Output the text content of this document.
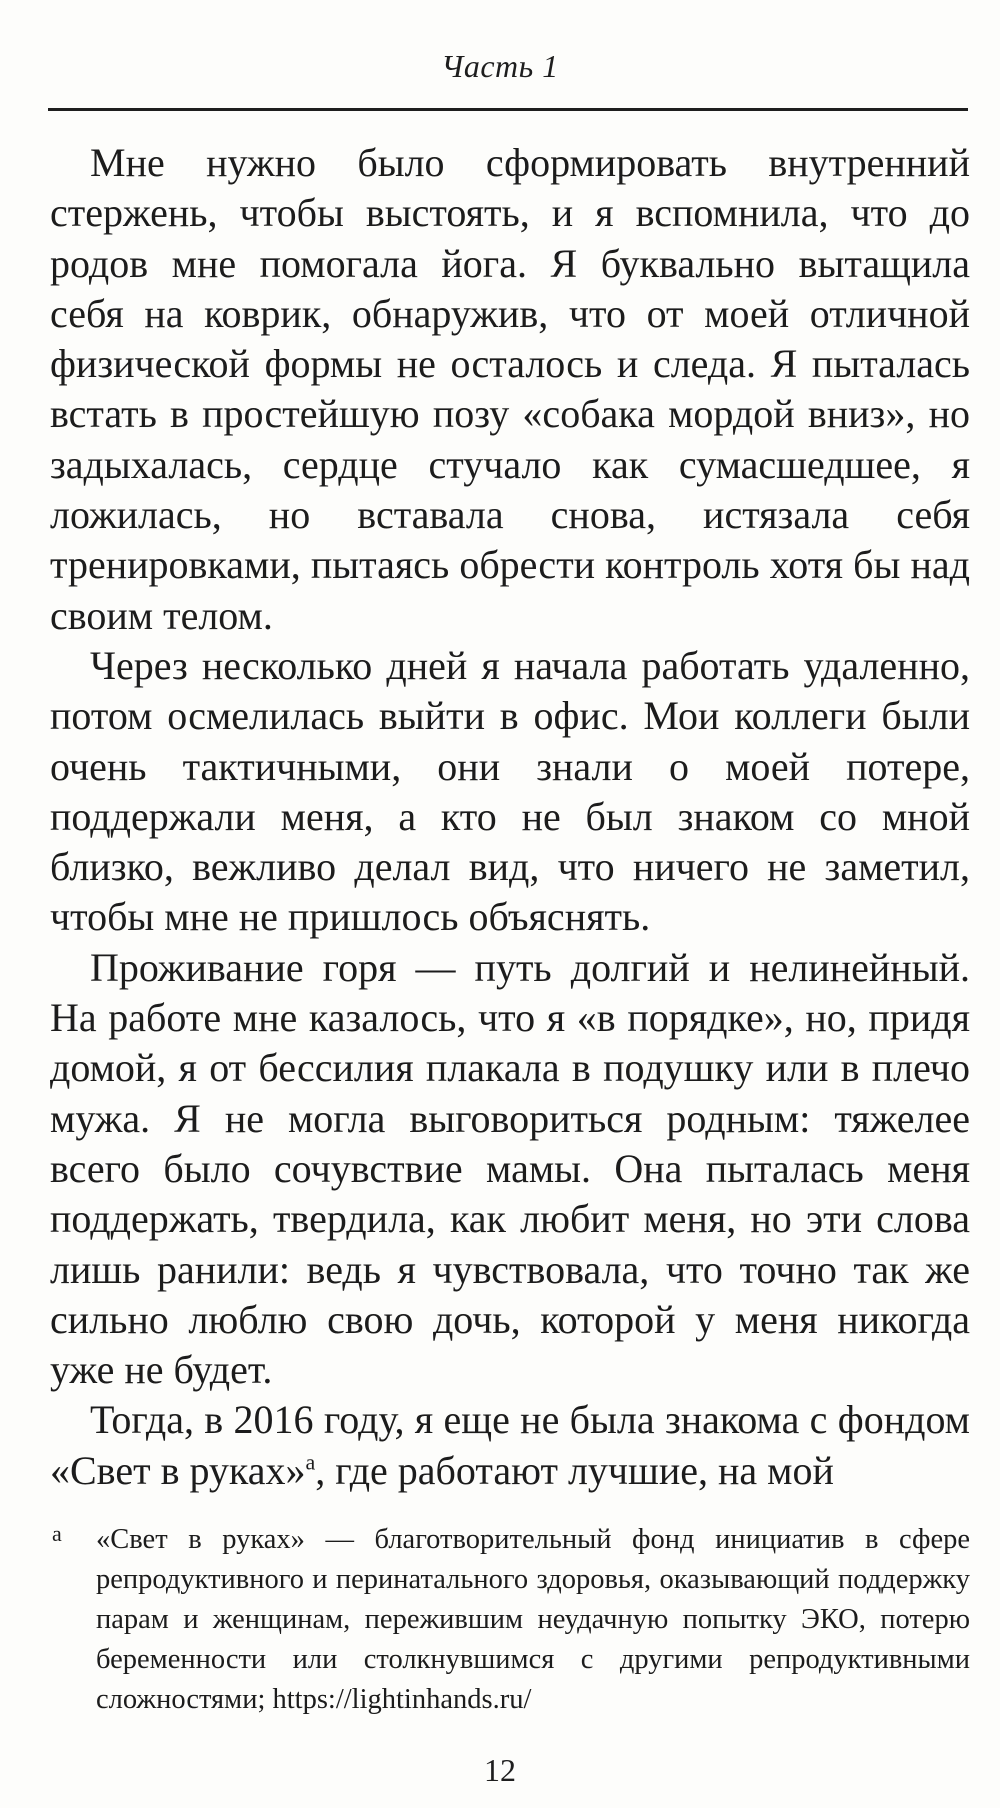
Часть 1

Мне нужно было сформировать внутренний стержень, чтобы выстоять, и я вспомнила, что до родов мне помогала йога. Я буквально вытащила себя на коврик, обнаружив, что от моей отличной физической формы не осталось и следа. Я пыталась встать в простейшую позу «собака мордой вниз», но задыхалась, сердце стучало как сумасшедшее, я ложилась, но вставала снова, истязала себя тренировками, пытаясь обрести контроль хотя бы над своим телом.

Через несколько дней я начала работать удаленно, потом осмелилась выйти в офис. Мои коллеги были очень тактичными, они знали о моей потере, поддержали меня, а кто не был знаком со мной близко, вежливо делал вид, что ничего не заметил, чтобы мне не пришлось объяснять.

Проживание горя — путь долгий и нелинейный. На работе мне казалось, что я «в порядке», но, придя домой, я от бессилия плакала в подушку или в плечо мужа. Я не могла выговориться родным: тяжелее всего было сочувствие мамы. Она пыталась меня поддержать, твердила, как любит меня, но эти слова лишь ранили: ведь я чувствовала, что точно так же сильно люблю свою дочь, которой у меня никогда уже не будет.

Тогда, в 2016 году, я еще не была знакома с фондом «Свет в руках»$^а$, где работают лучшие, на мой

а «Свет в руках» — благотворительный фонд инициатив в сфере репродуктивного и перинатального здоровья, оказывающий поддержку парам и женщинам, пережившим неудачную попытку ЭКО, потерю беременности или столкнувшимся с другими репродуктивными сложностями; https://lightinhands.ru/

12
